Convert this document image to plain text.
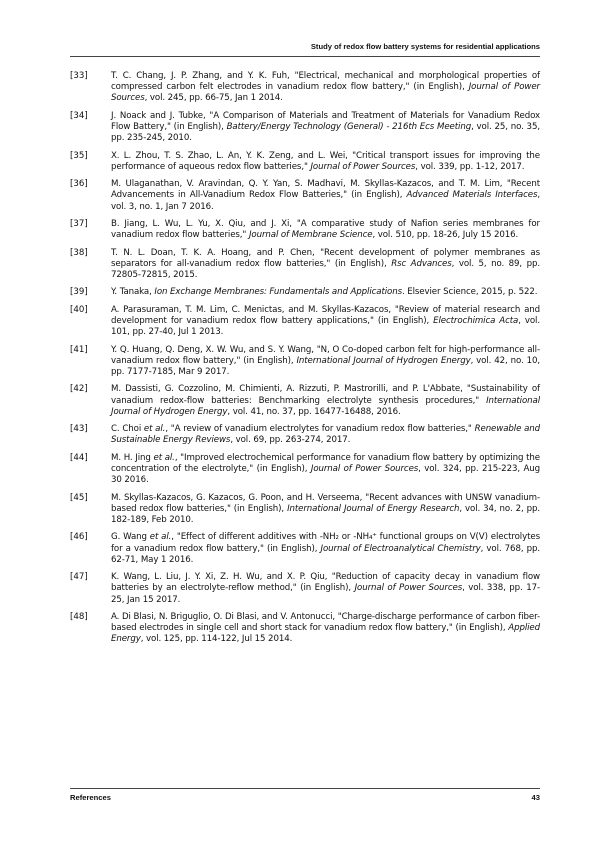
Study of redox flow battery systems for residential applications
[33]	T. C. Chang, J. P. Zhang, and Y. K. Fuh, "Electrical, mechanical and morphological properties of compressed carbon felt electrodes in vanadium redox flow battery," (in English), Journal of Power Sources, vol. 245, pp. 66-75, Jan 1 2014.
[34]	J. Noack and J. Tubke, "A Comparison of Materials and Treatment of Materials for Vanadium Redox Flow Battery," (in English), Battery/Energy Technology (General) - 216th Ecs Meeting, vol. 25, no. 35, pp. 235-245, 2010.
[35]	X. L. Zhou, T. S. Zhao, L. An, Y. K. Zeng, and L. Wei, "Critical transport issues for improving the performance of aqueous redox flow batteries," Journal of Power Sources, vol. 339, pp. 1-12, 2017.
[36]	M. Ulaganathan, V. Aravindan, Q. Y. Yan, S. Madhavi, M. Skyllas-Kazacos, and T. M. Lim, "Recent Advancements in All-Vanadium Redox Flow Batteries," (in English), Advanced Materials Interfaces, vol. 3, no. 1, Jan 7 2016.
[37]	B. Jiang, L. Wu, L. Yu, X. Qiu, and J. Xi, "A comparative study of Nafion series membranes for vanadium redox flow batteries," Journal of Membrane Science, vol. 510, pp. 18-26, July 15 2016.
[38]	T. N. L. Doan, T. K. A. Hoang, and P. Chen, "Recent development of polymer membranes as separators for all-vanadium redox flow batteries," (in English), Rsc Advances, vol. 5, no. 89, pp. 72805-72815, 2015.
[39]	Y. Tanaka, Ion Exchange Membranes: Fundamentals and Applications. Elsevier Science, 2015, p. 522.
[40]	A. Parasuraman, T. M. Lim, C. Menictas, and M. Skyllas-Kazacos, "Review of material research and development for vanadium redox flow battery applications," (in English), Electrochimica Acta, vol. 101, pp. 27-40, Jul 1 2013.
[41]	Y. Q. Huang, Q. Deng, X. W. Wu, and S. Y. Wang, "N, O Co-doped carbon felt for high-performance all-vanadium redox flow battery," (in English), International Journal of Hydrogen Energy, vol. 42, no. 10, pp. 7177-7185, Mar 9 2017.
[42]	M. Dassisti, G. Cozzolino, M. Chimienti, A. Rizzuti, P. Mastrorilli, and P. L'Abbate, "Sustainability of vanadium redox-flow batteries: Benchmarking electrolyte synthesis procedures," International Journal of Hydrogen Energy, vol. 41, no. 37, pp. 16477-16488, 2016.
[43]	C. Choi et al., "A review of vanadium electrolytes for vanadium redox flow batteries," Renewable and Sustainable Energy Reviews, vol. 69, pp. 263-274, 2017.
[44]	M. H. Jing et al., "Improved electrochemical performance for vanadium flow battery by optimizing the concentration of the electrolyte," (in English), Journal of Power Sources, vol. 324, pp. 215-223, Aug 30 2016.
[45]	M. Skyllas-Kazacos, G. Kazacos, G. Poon, and H. Verseema, "Recent advances with UNSW vanadium-based redox flow batteries," (in English), International Journal of Energy Research, vol. 34, no. 2, pp. 182-189, Feb 2010.
[46]	G. Wang et al., "Effect of different additives with -NH₂ or -NH₄⁺ functional groups on V(V) electrolytes for a vanadium redox flow battery," (in English), Journal of Electroanalytical Chemistry, vol. 768, pp. 62-71, May 1 2016.
[47]	K. Wang, L. Liu, J. Y. Xi, Z. H. Wu, and X. P. Qiu, "Reduction of capacity decay in vanadium flow batteries by an electrolyte-reflow method," (in English), Journal of Power Sources, vol. 338, pp. 17-25, Jan 15 2017.
[48]	A. Di Blasi, N. Briguglio, O. Di Blasi, and V. Antonucci, "Charge-discharge performance of carbon fiber-based electrodes in single cell and short stack for vanadium redox flow battery," (in English), Applied Energy, vol. 125, pp. 114-122, Jul 15 2014.
References	43
